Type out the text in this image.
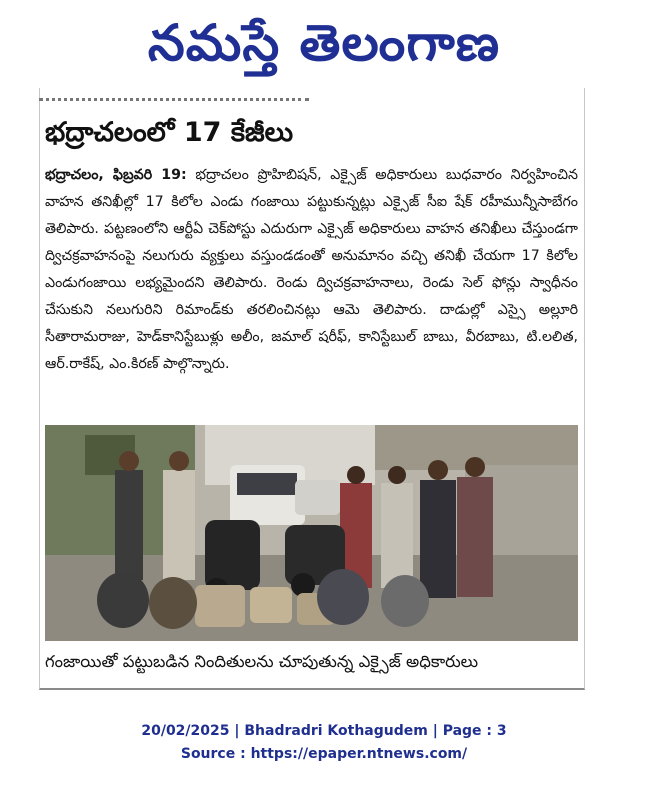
నమస్తే తెలంగాణ
భద్రాచలంలో 17 కేజీలు
భద్రాచలం, ఫిబ్రవరి 19: భద్రాచలం ప్రొహిబిషన్, ఎక్సైజ్ అధికారులు బుధవారం నిర్వహించిన వాహన తనిఖీల్లో 17 కిలోల ఎండు గంజాయి పట్టుకున్నట్లు ఎక్సైజ్ సీఐ షేక్ రహీమున్నీసాబేగం తెలిపారు. పట్టణంలోని ఆర్టీఏ చెక్‌పోస్టు ఎదురుగా ఎక్సైజ్ అధికారులు వాహన తనిఖీలు చేస్తుండగా ద్విచక్రవాహనంపై నలుగురు వ్యక్తులు వస్తుండడంతో అనుమానం వచ్చి తనిఖీ చేయగా 17 కిలోల ఎండుగంజాయి లభ్యమైందని తెలిపారు. రెండు ద్విచక్రవాహనాలు, రెండు సెల్ ఫోన్లు స్వాధీనం చేసుకుని నలుగురిని రిమాండ్‌కు తరలించినట్లు ఆమె తెలిపారు. దాడుల్లో ఎస్సై అల్లూరి సీతారామరాజు, హెడ్‌కానిస్టేబుళ్లు అలీం, జమాల్ షరీఫ్, కానిస్టేబుల్ బాబు, వీరబాబు, టి.లలిత, ఆర్.రాకేష్, ఎం.కిరణ్ పాల్గొన్నారు.
గంజాయితో పట్టుబడిన నిందితులను చూపుతున్న ఎక్సైజ్ అధికారులు
20/02/2025 | Bhadradri Kothagudem | Page : 3
Source : https://epaper.ntnews.com/
